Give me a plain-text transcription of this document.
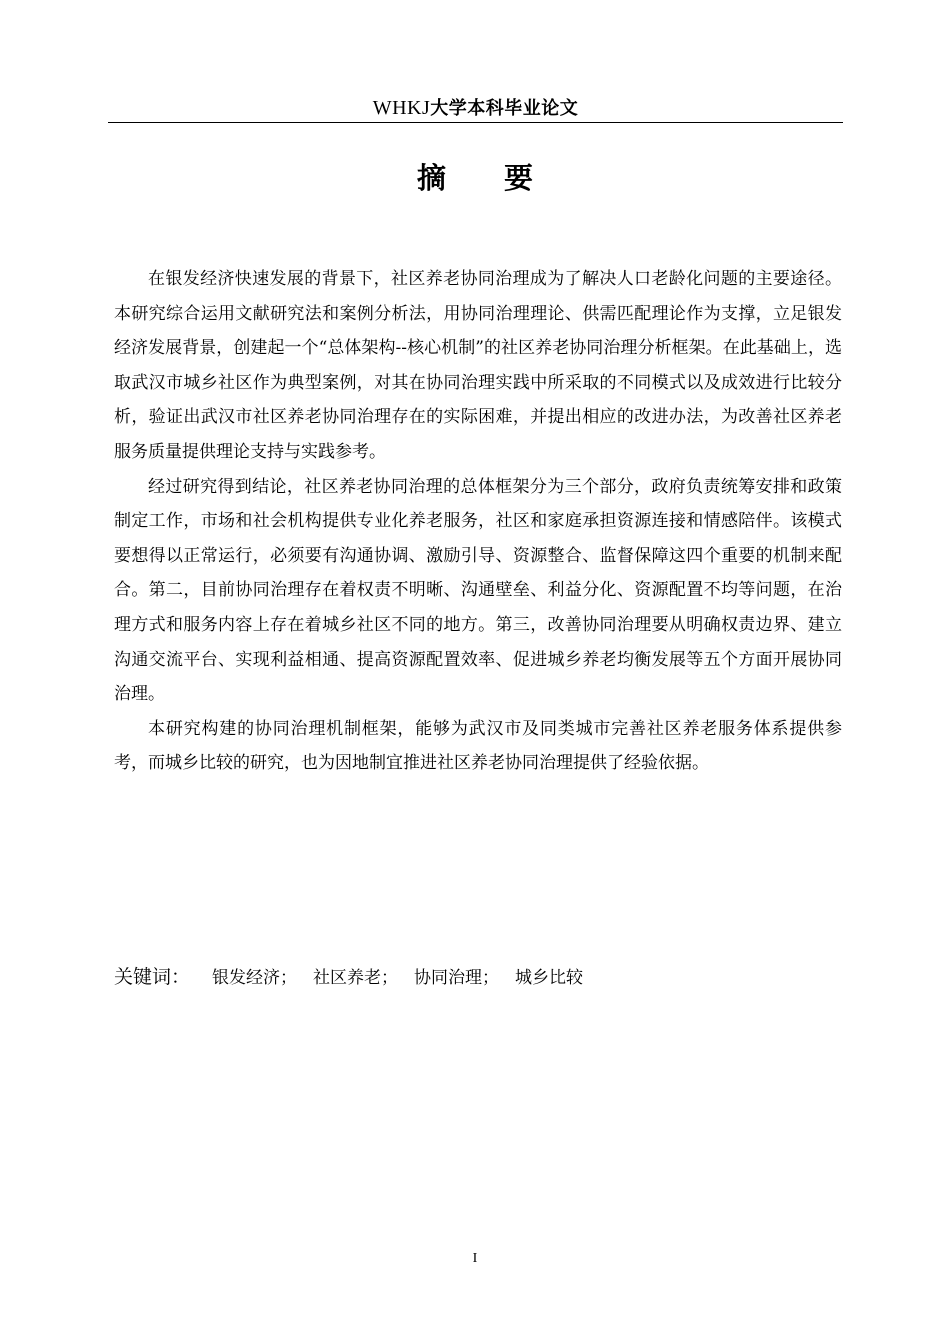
WHKJ大学本科毕业论文
摘 要

在银发经济快速发展的背景下，社区养老协同治理成为了解决人口老龄化问题的主要途径。本研究综合运用文献研究法和案例分析法，用协同治理理论、供需匹配理论作为支撑，立足银发经济发展背景，创建起一个“总体架构--核心机制”的社区养老协同治理分析框架。在此基础上，选取武汉市城乡社区作为典型案例，对其在协同治理实践中所采取的不同模式以及成效进行比较分析，验证出武汉市社区养老协同治理存在的实际困难，并提出相应的改进办法，为改善社区养老服务质量提供理论支持与实践参考。

经过研究得到结论，社区养老协同治理的总体框架分为三个部分，政府负责统筹安排和政策制定工作，市场和社会机构提供专业化养老服务，社区和家庭承担资源连接和情感陪伴。该模式要想得以正常运行，必须要有沟通协调、激励引导、资源整合、监督保障这四个重要的机制来配合。第二，目前协同治理存在着权责不明晰、沟通壁垒、利益分化、资源配置不均等问题，在治理方式和服务内容上存在着城乡社区不同的地方。第三，改善协同治理要从明确权责边界、建立沟通交流平台、实现利益相通、提高资源配置效率、促进城乡养老均衡发展等五个方面开展协同治理。

本研究构建的协同治理机制框架，能够为武汉市及同类城市完善社区养老服务体系提供参考，而城乡比较的研究，也为因地制宜推进社区养老协同治理提供了经验依据。

关键词： 银发经济； 社区养老； 协同治理； 城乡比较
I
